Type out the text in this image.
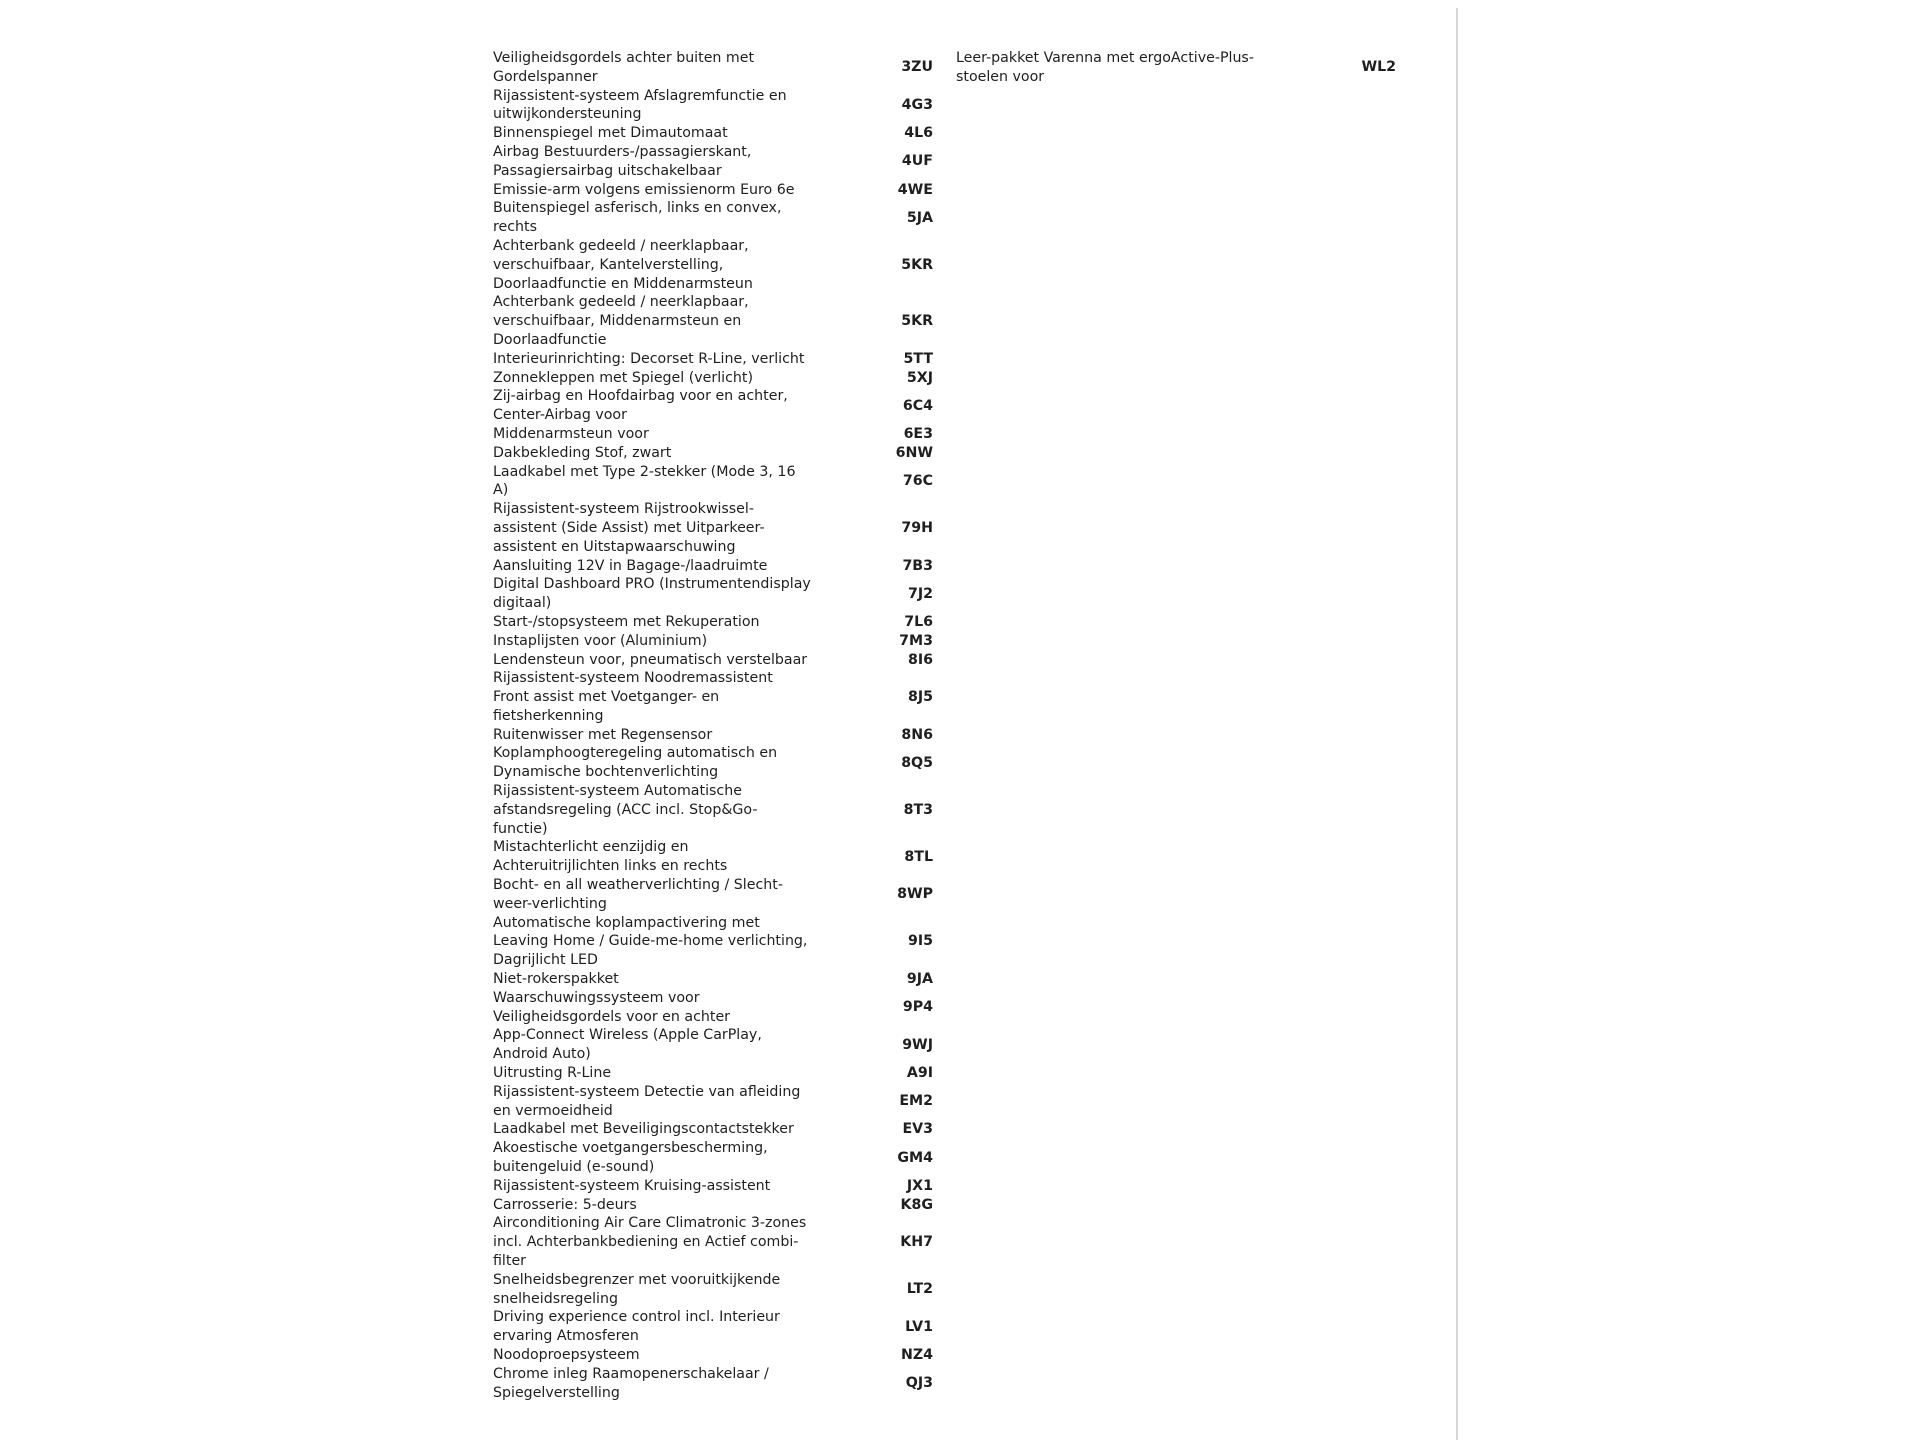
Veiligheidsgordels achter buiten met
Gordelspanner
3ZU
Rijassistent-systeem Afslagremfunctie en
uitwijkondersteuning
4G3
Binnenspiegel met Dimautomaat	4L6
Airbag Bestuurders-/passagierskant,
Passagiersairbag uitschakelbaar
4UF
Emissie-arm volgens emissienorm Euro 6e	4WE
Buitenspiegel asferisch, links en convex,
rechts
5JA
Achterbank gedeeld / neerklapbaar,
verschuifbaar, Kantelverstelling,
Doorlaadfunctie en Middenarmsteun
5KR
Achterbank gedeeld / neerklapbaar,
verschuifbaar, Middenarmsteun en
Doorlaadfunctie
5KR
Interieurinrichting: Decorset R-Line, verlicht	5TT
Zonnekleppen met Spiegel (verlicht)	5XJ
Zij-airbag en Hoofdairbag voor en achter,
Center-Airbag voor
6C4
Middenarmsteun voor	6E3
Dakbekleding Stof, zwart	6NW
Laadkabel met Type 2-stekker (Mode 3, 16
A)
76C
Rijassistent-systeem Rijstrookwissel-
assistent (Side Assist) met Uitparkeer-
assistent en Uitstapwaarschuwing
79H
Aansluiting 12V in Bagage-/laadruimte	7B3
Digital Dashboard PRO (Instrumentendisplay
digitaal)
7J2
Start-/stopsysteem met Rekuperation	7L6
Instaplijsten voor (Aluminium)	7M3
Lendensteun voor, pneumatisch verstelbaar	8I6
Rijassistent-systeem Noodremassistent
Front assist met Voetganger- en
fietsherkenning
8J5
Ruitenwisser met Regensensor	8N6
Koplamphoogteregeling automatisch en
Dynamische bochtenverlichting
8Q5
Rijassistent-systeem Automatische
afstandsregeling (ACC incl. Stop&Go-
functie)
8T3
Mistachterlicht eenzijdig en
Achteruitrijlichten links en rechts
8TL
Bocht- en all weatherverlichting / Slecht-
weer-verlichting
8WP
Automatische koplampactivering met
Leaving Home / Guide-me-home verlichting,
Dagrijlicht LED
9I5
Niet-rokerspakket	9JA
Waarschuwingssysteem voor
Veiligheidsgordels voor en achter
9P4
App-Connect Wireless (Apple CarPlay,
Android Auto)
9WJ
Uitrusting R-Line	A9I
Rijassistent-systeem Detectie van afleiding
en vermoeidheid
EM2
Laadkabel met Beveiligingscontactstekker	EV3
Akoestische voetgangersbescherming,
buitengeluid (e-sound)
GM4
Rijassistent-systeem Kruising-assistent	JX1
Carrosserie: 5-deurs	K8G
Airconditioning Air Care Climatronic 3-zones
incl. Achterbankbediening en Actief combi-
filter
KH7
Snelheidsbegrenzer met vooruitkijkende
snelheidsregeling
LT2
Driving experience control incl. Interieur
ervaring Atmosferen
LV1
Noodoproepsysteem	NZ4
Chrome inleg Raamopenerschakelaar /
Spiegelverstelling
QJ3
Leer-pakket Varenna met ergoActive-Plus-
stoelen voor
WL2
